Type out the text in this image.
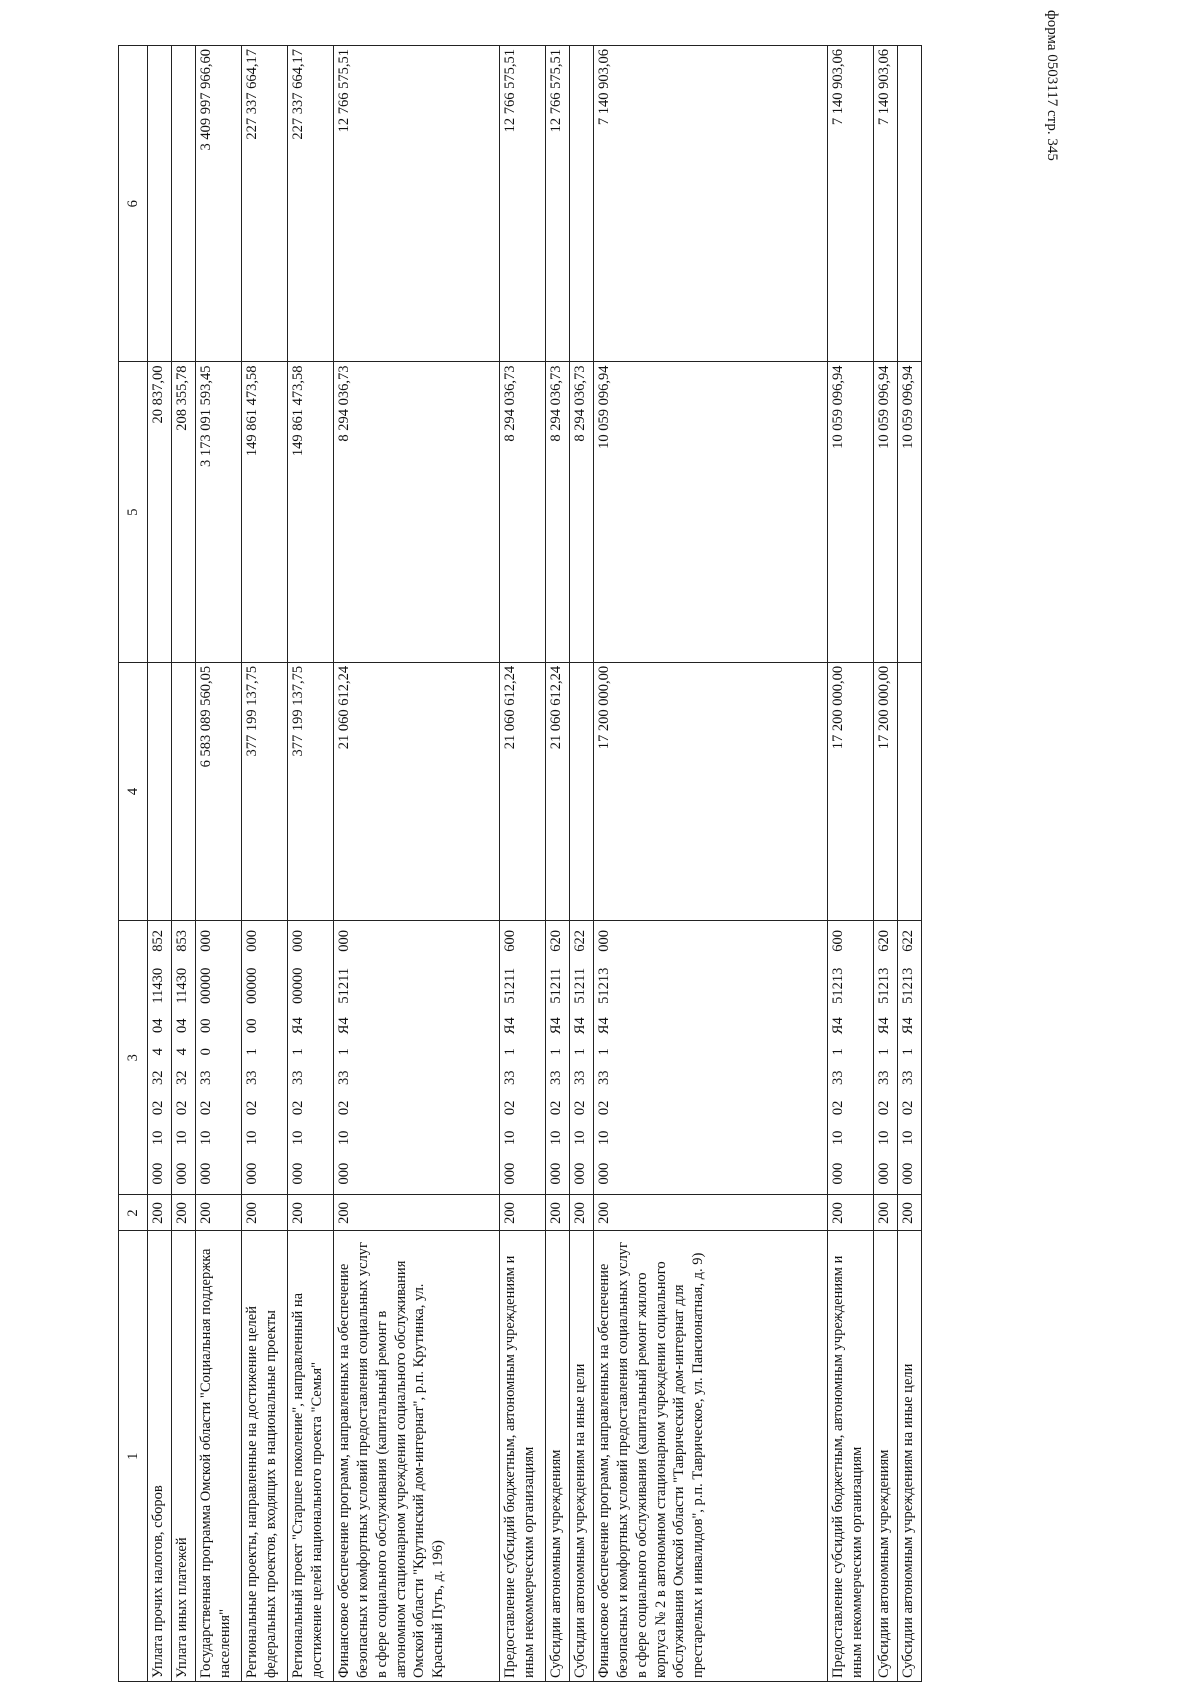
форма 0503117 стр. 345
1	2	3								4	5	6
Уплата прочих налогов, сборов	200	000	10	02	32	4	04	11430	852		20 837,00	
Уплата иных платежей	200	000	10	02	32	4	04	11430	853		208 355,78	
Государственная программа Омской области "Социальная поддержка населения"	200	000	10	02	33	0	00	00000	000	6 583 089 560,05	3 173 091 593,45	3 409 997 966,60
Региональные проекты, направленные на достижение целей федеральных проектов, входящих в национальные проекты	200	000	10	02	33	1	00	00000	000	377 199 137,75	149 861 473,58	227 337 664,17
Региональный проект "Старшее поколение", направленный на достижение целей национального проекта "Семья"	200	000	10	02	33	1	Я4	00000	000	377 199 137,75	149 861 473,58	227 337 664,17
Финансовое обеспечение программ, направленных на обеспечение безопасных и комфортных условий предоставления социальных услуг в сфере социального обслуживания (капитальный ремонт в автономном стационарном учреждении социального обслуживания Омской области "Крутинский дом-интернат", р.п. Крутинка, ул. Красный Путь, д. 196)	200	000	10	02	33	1	Я4	51211	000	21 060 612,24	8 294 036,73	12 766 575,51
Предоставление субсидий бюджетным, автономным учреждениям и иным некоммерческим организациям	200	000	10	02	33	1	Я4	51211	600	21 060 612,24	8 294 036,73	12 766 575,51
Субсидии автономным учреждениям	200	000	10	02	33	1	Я4	51211	620	21 060 612,24	8 294 036,73	12 766 575,51
Субсидии автономным учреждениям на иные цели	200	000	10	02	33	1	Я4	51211	622		8 294 036,73	
Финансовое обеспечение программ, направленных на обеспечение безопасных и комфортных условий предоставления социальных услуг в сфере социального обслуживания (капитальный ремонт жилого корпуса № 2 в автономном стационарном учреждении социального обслуживания Омской области "Таврический дом-интернат для престарелых и инвалидов", р.п. Таврическое, ул. Пансионатная, д. 9)	200	000	10	02	33	1	Я4	51213	000	17 200 000,00	10 059 096,94	7 140 903,06
Предоставление субсидий бюджетным, автономным учреждениям и иным некоммерческим организациям	200	000	10	02	33	1	Я4	51213	600	17 200 000,00	10 059 096,94	7 140 903,06
Субсидии автономным учреждениям	200	000	10	02	33	1	Я4	51213	620	17 200 000,00	10 059 096,94	7 140 903,06
Субсидии автономным учреждениям на иные цели	200	000	10	02	33	1	Я4	51213	622		10 059 096,94	
